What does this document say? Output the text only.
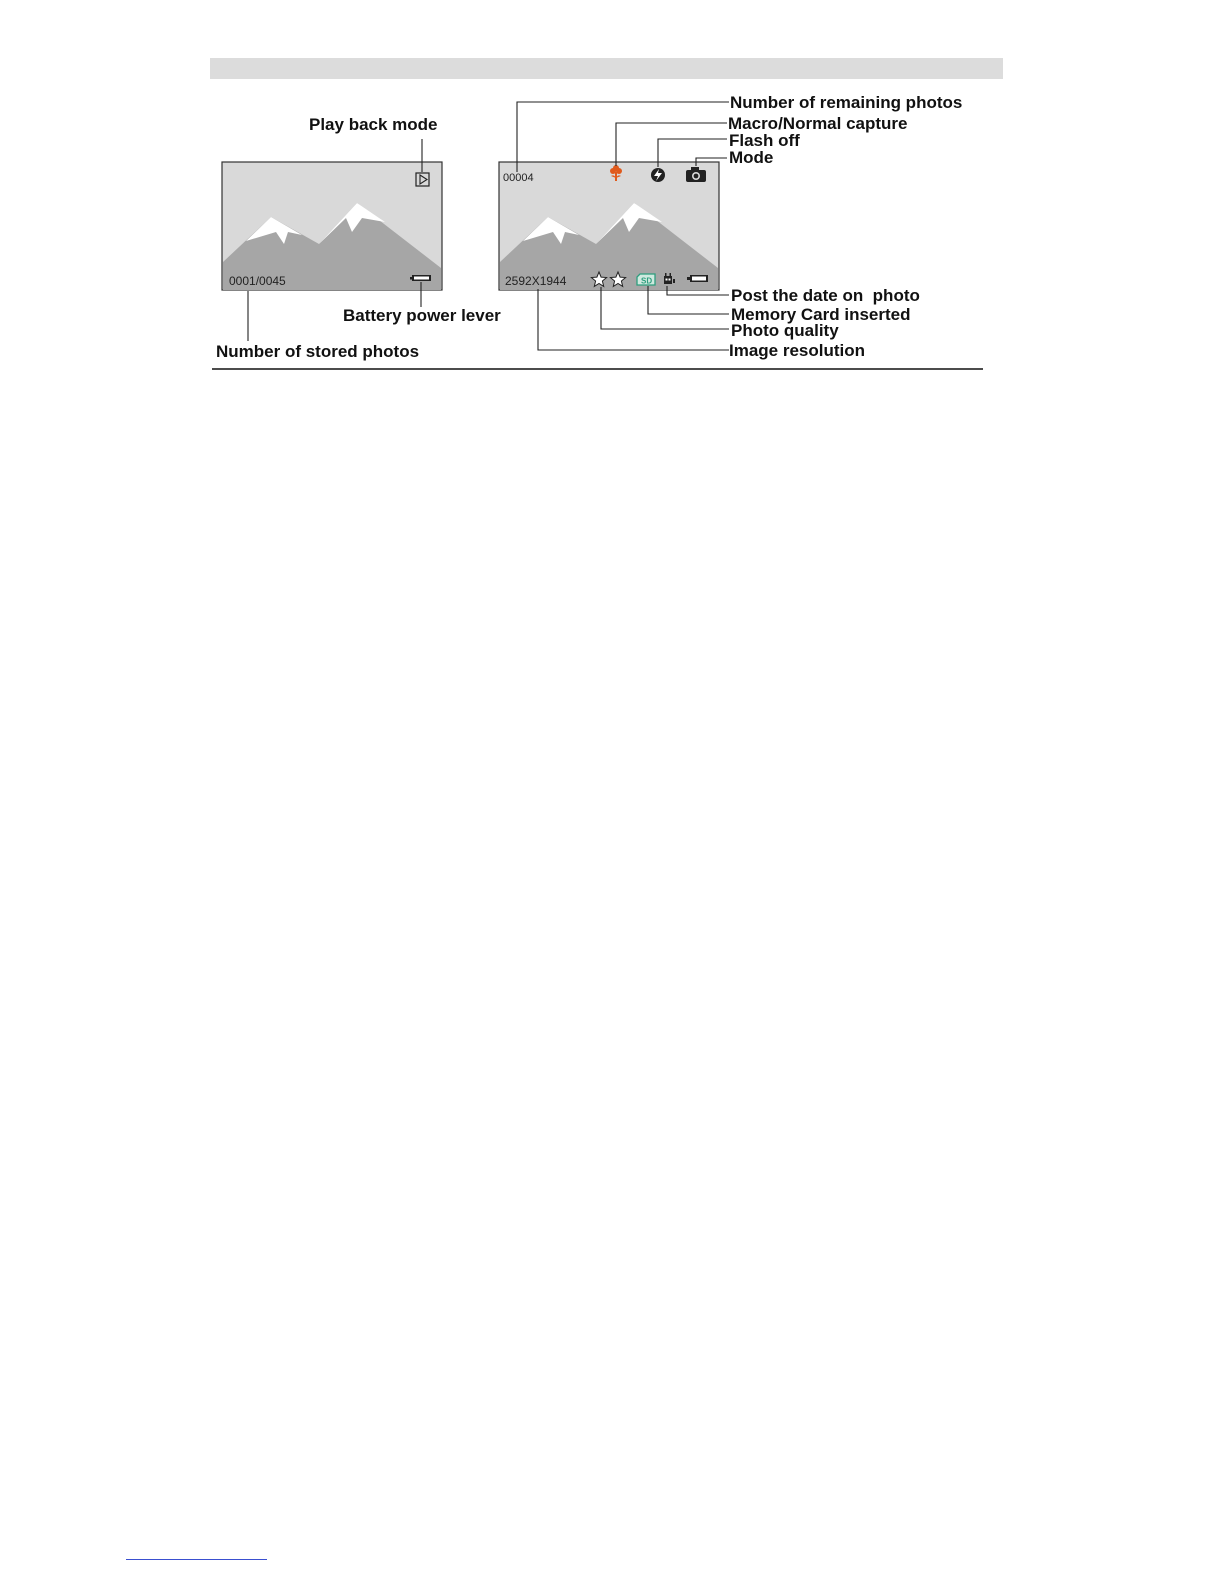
0001/0045
Play back mode
Battery power lever
Number of stored photos
00004
2592X1944	SD
Number of remaining photos
Macro/Normal capture
Flash off
Mode
Post the date on  photo
Memory Card inserted
Photo quality
Image resolution
